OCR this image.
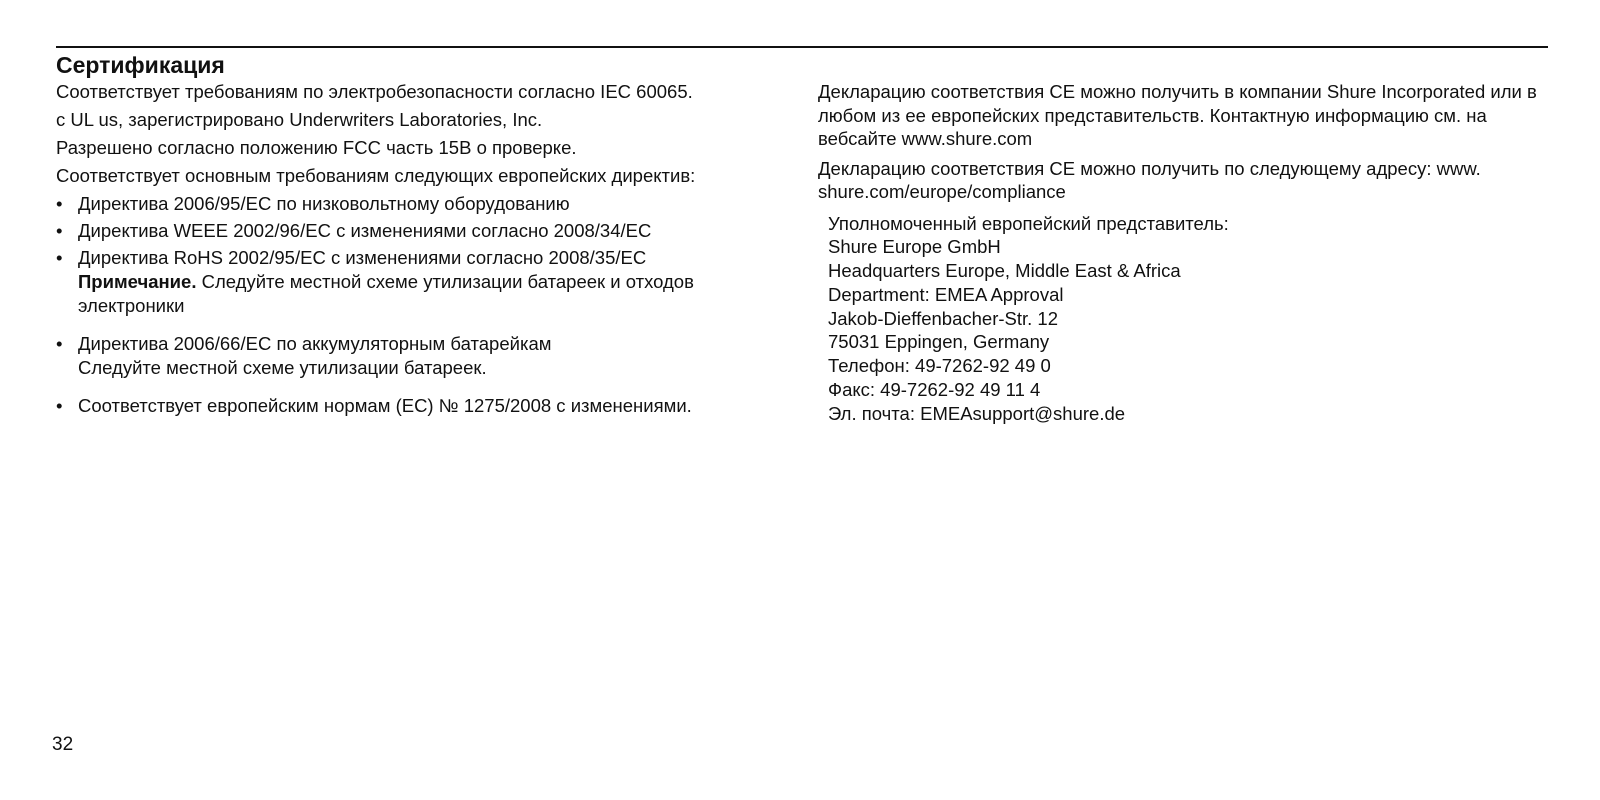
Сертификация

Соответствует требованиям по электробезопасности согласно IEC 60065.

с UL us, зарегистрировано Underwriters Laboratories, Inc.

Разрешено согласно положению FCC часть 15B о проверке.

Соответствует основным требованиям следующих европейских директив:

• Директива 2006/95/EC по низковольтному оборудованию
• Директива WEEE 2002/96/EC с изменениями согласно 2008/34/EC
• Директива RoHS 2002/95/EC с изменениями согласно 2008/35/EC
Примечание. Следуйте местной схеме утилизации батареек и отходов электроники
• Директива 2006/66/EC по аккумуляторным батарейкам
Следуйте местной схеме утилизации батареек.
• Соответствует европейским нормам (EC) № 1275/2008 с изменениями.

Декларацию соответствия CE можно получить в компании Shure Incorporated или в любом из ее европейских представительств. Контактную информацию см. на вебсайте www.shure.com

Декларацию соответствия CE можно получить по следующему адресу: www. shure.com/europe/compliance

Уполномоченный европейский представитель:
Shure Europe GmbH
Headquarters Europe, Middle East & Africa
Department: EMEA Approval
Jakob-Dieffenbacher-Str. 12
75031 Eppingen, Germany
Телефон: 49-7262-92 49 0
Факс: 49-7262-92 49 11 4
Эл. почта: EMEAsupport@shure.de
32
